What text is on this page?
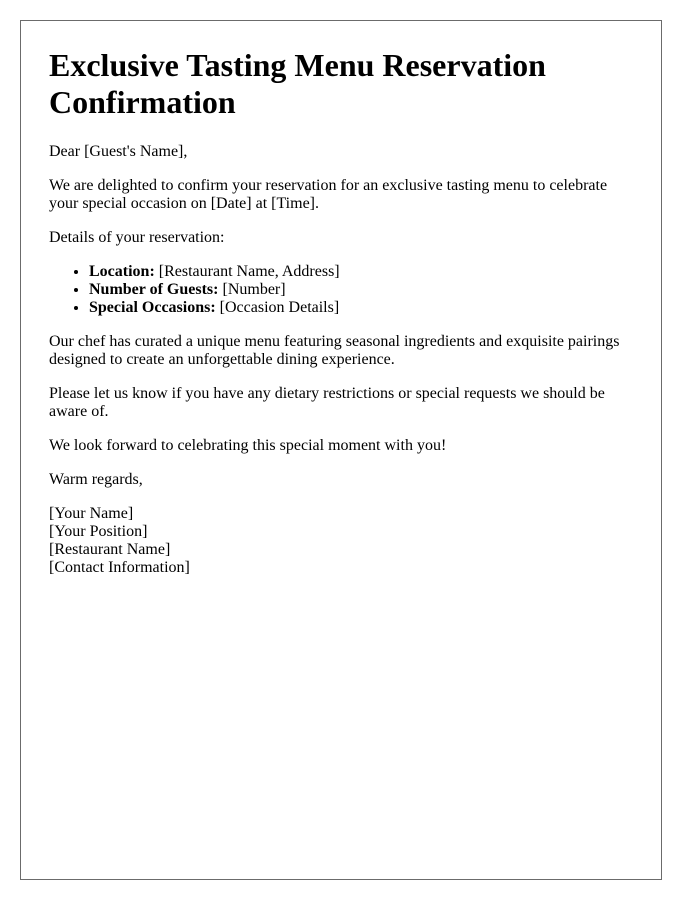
Exclusive Tasting Menu Reservation Confirmation

Dear [Guest's Name],

We are delighted to confirm your reservation for an exclusive tasting menu to celebrate your special occasion on [Date] at [Time].

Details of your reservation:

• Location: [Restaurant Name, Address]
• Number of Guests: [Number]
• Special Occasions: [Occasion Details]

Our chef has curated a unique menu featuring seasonal ingredients and exquisite pairings designed to create an unforgettable dining experience.

Please let us know if you have any dietary restrictions or special requests we should be aware of.

We look forward to celebrating this special moment with you!

Warm regards,

[Your Name]
[Your Position]
[Restaurant Name]
[Contact Information]
